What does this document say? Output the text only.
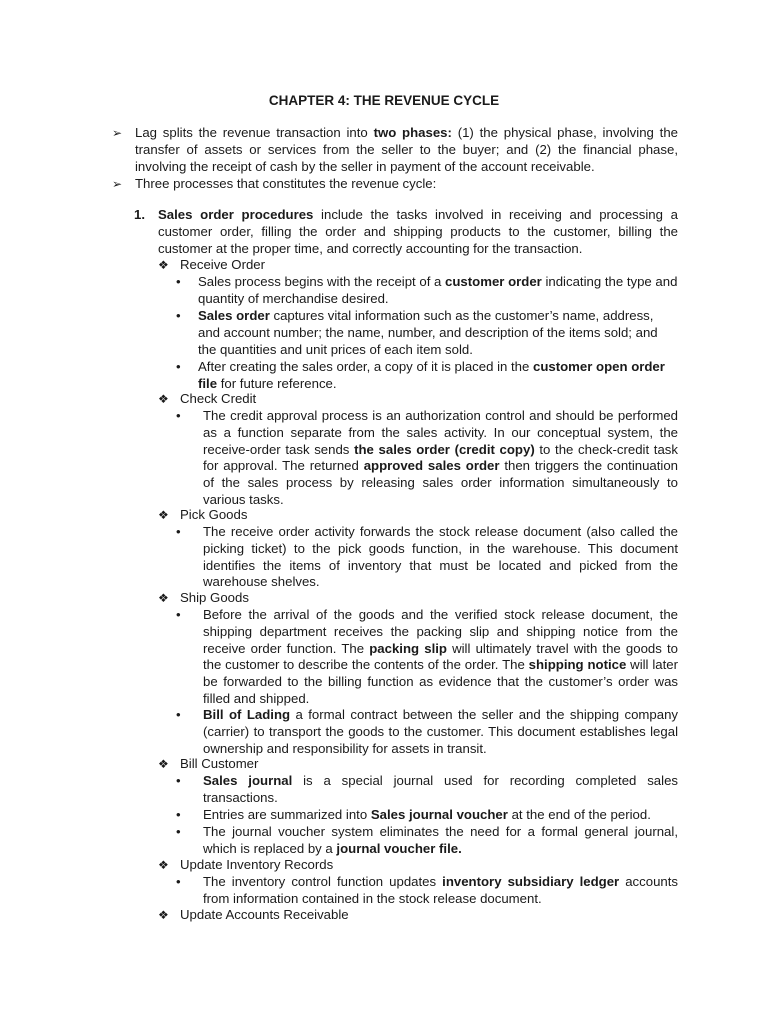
CHAPTER 4: THE REVENUE CYCLE
➢ Lag splits the revenue transaction into two phases: (1) the physical phase, involving the transfer of assets or services from the seller to the buyer; and (2) the financial phase, involving the receipt of cash by the seller in payment of the account receivable.
➢ Three processes that constitutes the revenue cycle:
1. Sales order procedures include the tasks involved in receiving and processing a customer order, filling the order and shipping products to the customer, billing the customer at the proper time, and correctly accounting for the transaction.
❖ Receive Order
• Sales process begins with the receipt of a customer order indicating the type and quantity of merchandise desired.
• Sales order captures vital information such as the customer’s name, address, and account number; the name, number, and description of the items sold; and the quantities and unit prices of each item sold.
• After creating the sales order, a copy of it is placed in the customer open order file for future reference.
❖ Check Credit
• The credit approval process is an authorization control and should be performed as a function separate from the sales activity. In our conceptual system, the receive-order task sends the sales order (credit copy) to the check-credit task for approval. The returned approved sales order then triggers the continuation of the sales process by releasing sales order information simultaneously to various tasks.
❖ Pick Goods
• The receive order activity forwards the stock release document (also called the picking ticket) to the pick goods function, in the warehouse. This document identifies the items of inventory that must be located and picked from the warehouse shelves.
❖ Ship Goods
• Before the arrival of the goods and the verified stock release document, the shipping department receives the packing slip and shipping notice from the receive order function. The packing slip will ultimately travel with the goods to the customer to describe the contents of the order. The shipping notice will later be forwarded to the billing function as evidence that the customer’s order was filled and shipped.
• Bill of Lading a formal contract between the seller and the shipping company (carrier) to transport the goods to the customer. This document establishes legal ownership and responsibility for assets in transit.
❖ Bill Customer
• Sales journal is a special journal used for recording completed sales transactions.
• Entries are summarized into Sales journal voucher at the end of the period.
• The journal voucher system eliminates the need for a formal general journal, which is replaced by a journal voucher file.
❖ Update Inventory Records
• The inventory control function updates inventory subsidiary ledger accounts from information contained in the stock release document.
❖ Update Accounts Receivable
